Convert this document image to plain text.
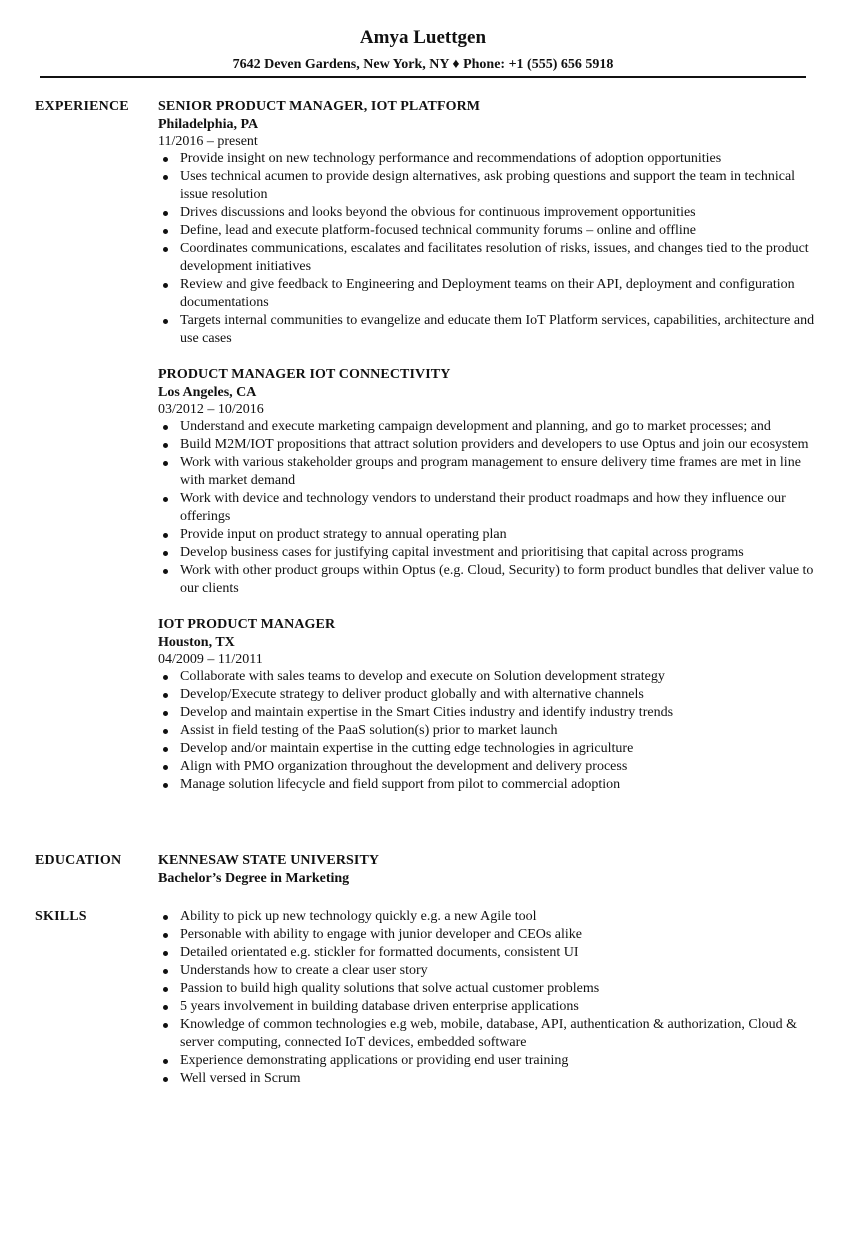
Amya Luettgen
7642 Deven Gardens, New York, NY ♦ Phone: +1 (555) 656 5918
EXPERIENCE SENIOR PRODUCT MANAGER, IOT PLATFORM
Philadelphia, PA
11/2016 – present
Provide insight on new technology performance and recommendations of adoption opportunities
Uses technical acumen to provide design alternatives, ask probing questions and support the team in technical issue resolution
Drives discussions and looks beyond the obvious for continuous improvement opportunities
Define, lead and execute platform-focused technical community forums – online and offline
Coordinates communications, escalates and facilitates resolution of risks, issues, and changes tied to the product development initiatives
Review and give feedback to Engineering and Deployment teams on their API, deployment and configuration documentations
Targets internal communities to evangelize and educate them IoT Platform services, capabilities, architecture and use cases
PRODUCT MANAGER IOT CONNECTIVITY
Los Angeles, CA
03/2012 – 10/2016
Understand and execute marketing campaign development and planning, and go to market processes; and
Build M2M/IOT propositions that attract solution providers and developers to use Optus and join our ecosystem
Work with various stakeholder groups and program management to ensure delivery time frames are met in line with market demand
Work with device and technology vendors to understand their product roadmaps and how they influence our offerings
Provide input on product strategy to annual operating plan
Develop business cases for justifying capital investment and prioritising that capital across programs
Work with other product groups within Optus (e.g. Cloud, Security) to form product bundles that deliver value to our clients
IOT PRODUCT MANAGER
Houston, TX
04/2009 – 11/2011
Collaborate with sales teams to develop and execute on Solution development strategy
Develop/Execute strategy to deliver product globally and with alternative channels
Develop and maintain expertise in the Smart Cities industry and identify industry trends
Assist in field testing of the PaaS solution(s) prior to market launch
Develop and/or maintain expertise in the cutting edge technologies in agriculture
Align with PMO organization throughout the development and delivery process
Manage solution lifecycle and field support from pilot to commercial adoption
EDUCATION	KENNESAW STATE UNIVERSITY
Bachelor’s Degree in Marketing
SKILLS	Ability to pick up new technology quickly e.g. a new Agile tool
Personable with ability to engage with junior developer and CEOs alike
Detailed orientated e.g. stickler for formatted documents, consistent UI
Understands how to create a clear user story
Passion to build high quality solutions that solve actual customer problems
5 years involvement in building database driven enterprise applications
Knowledge of common technologies e.g web, mobile, database, API, authentication & authorization, Cloud & server computing, connected IoT devices, embedded software
Experience demonstrating applications or providing end user training
Well versed in Scrum
